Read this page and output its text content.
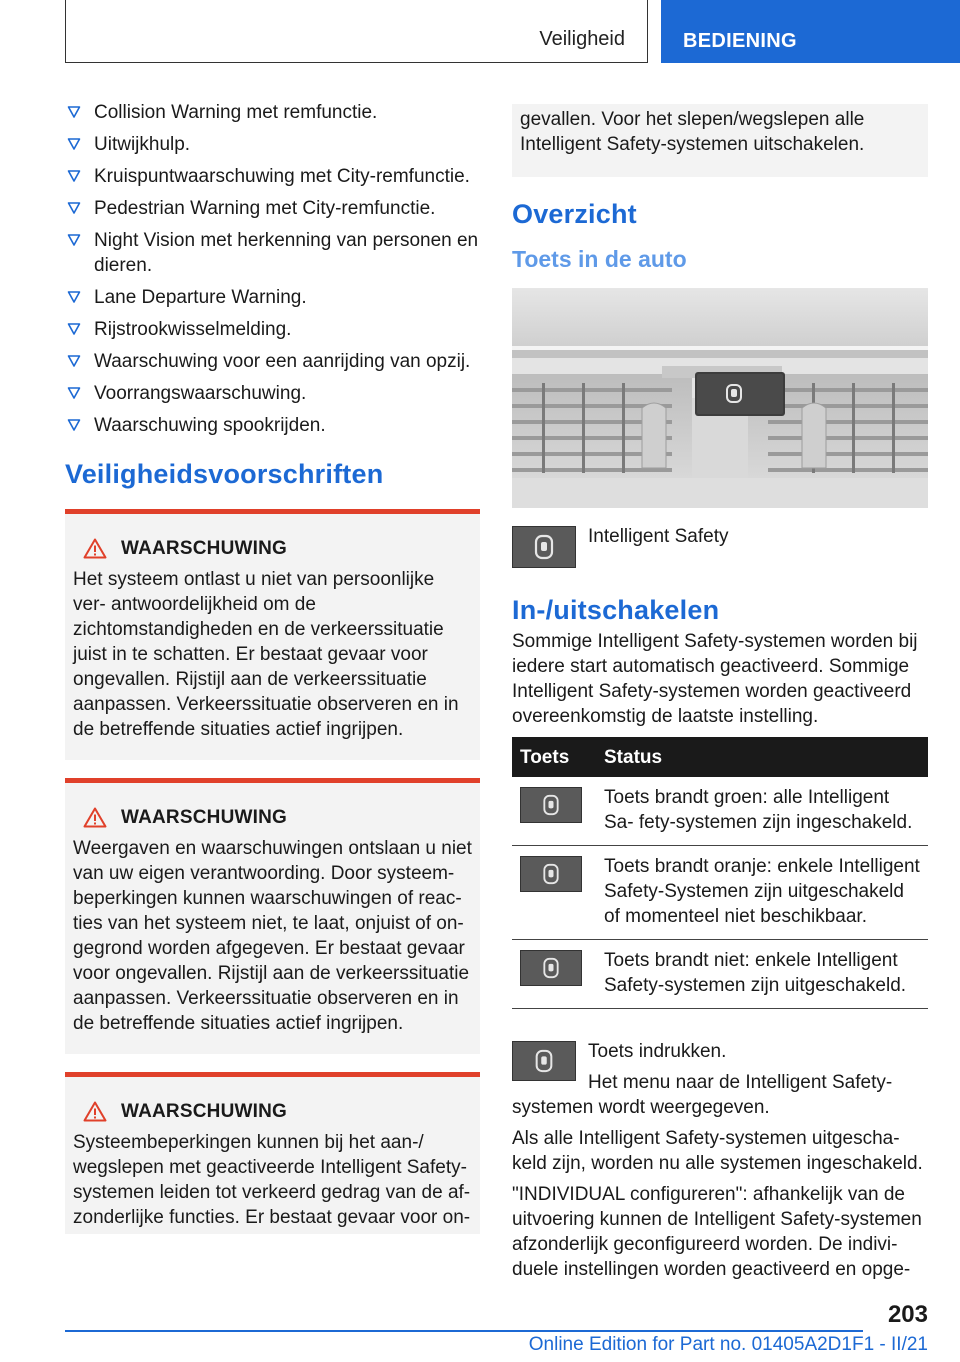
Veiligheid	BEDIENING
Collision Warning met remfunctie.
Uitwijkhulp.
Kruispuntwaarschuwing met City-remfunctie.
Pedestrian Warning met City-remfunctie.
Night Vision met herkenning van personen en dieren.
Lane Departure Warning.
Rijstrookwisselmelding.
Waarschuwing voor een aanrijding van opzij.
Voorrangswaarschuwing.
Waarschuwing spookrijden.
Veiligheidsvoorschriften
WAARSCHUWING

Het systeem ontlast u niet van persoonlijke ver- antwoordelijkheid om de zichtomstandigheden en de verkeerssituatie juist in te schatten. Er bestaat gevaar voor ongevallen. Rijstijl aan de verkeerssituatie aanpassen. Verkeerssituatie observeren en in de betreffende situaties actief ingrijpen.

WAARSCHUWING

Weergaven en waarschuwingen ontslaan u niet van uw eigen verantwoording. Door systeem- beperkingen kunnen waarschuwingen of reac- ties van het systeem niet, te laat, onjuist of on- gegrond worden afgegeven. Er bestaat gevaar voor ongevallen. Rijstijl aan de verkeerssituatie aanpassen. Verkeerssituatie observeren en in de betreffende situaties actief ingrijpen.

WAARSCHUWING

Systeembeperkingen kunnen bij het aan-/ wegslepen met geactiveerde Intelligent Safety- systemen leiden tot verkeerd gedrag van de af- zonderlijke functies. Er bestaat gevaar voor on-

gevallen. Voor het slepen/wegslepen alle Intelligent Safety-systemen uitschakelen.

Overzicht
Toets in de auto
Intelligent Safety
In-/uitschakelen

Sommige Intelligent Safety-systemen worden bij iedere start automatisch geactiveerd. Sommige Intelligent Safety-systemen worden geactiveerd overeenkomstig de laatste instelling.

Toets	Status

	Toets brandt groen: alle Intelligent Sa- fety-systemen zijn ingeschakeld.

	Toets brandt oranje: enkele Intelligent Safety-Systemen zijn uitgeschakeld of momenteel niet beschikbaar.

	Toets brandt niet: enkele Intelligent Safety-systemen zijn uitgeschakeld.

Toets indrukken.

Het menu naar de Intelligent Safety- systemen wordt weergegeven.

Als alle Intelligent Safety-systemen uitgescha- keld zijn, worden nu alle systemen ingeschakeld.

"INDIVIDUAL configureren": afhankelijk van de uitvoering kunnen de Intelligent Safety-systemen afzonderlijk geconfigureerd worden. De indivi- duele instellingen worden geactiveerd en opge-

203
Online Edition for Part no. 01405A2D1F1 - II/21
